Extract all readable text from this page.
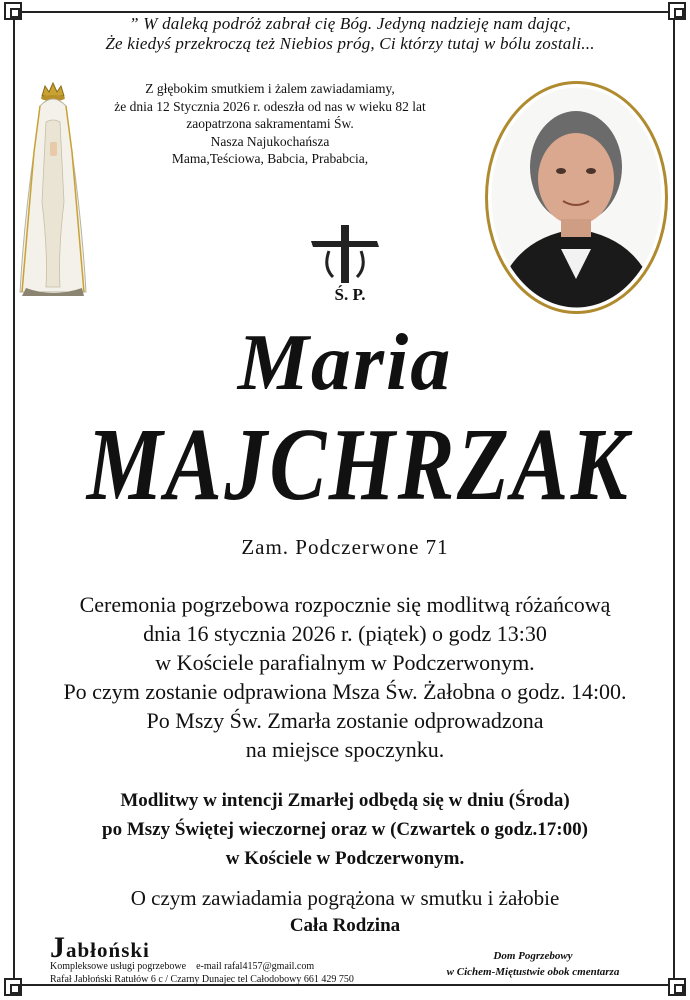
” W daleką podróż zabrał cię Bóg. Jedyną nadzieję nam dając,
Że kiedyś przekroczą też Niebios próg, Ci którzy tutaj w bólu zostali...
Z głębokim smutkiem i żalem zawiadamiamy,
że dnia 12 Stycznia 2026 r. odeszła od nas w wieku 82 lat
zaopatrzona sakramentami Św.
Nasza Najukochańsza
Mama,Teściowa, Babcia, Prababcia,
Ś. P.
Maria
MAJCHRZAK
Zam. Podczerwone 71
Ceremonia pogrzebowa rozpocznie się modlitwą różańcową
dnia 16 stycznia 2026 r. (piątek) o godz 13:30
w Kościele parafialnym w Podczerwonym.
Po czym zostanie odprawiona Msza Św. Żałobna o godz. 14:00.
Po Mszy Św. Zmarła zostanie odprowadzona
na miejsce spoczynku.
Modlitwy w intencji Zmarłej odbędą się w dniu (Środa)
po Mszy Świętej wieczornej oraz w (Czwartek o godz.17:00)
w Kościele w Podczerwonym.
O czym zawiadamia pogrążona w smutku i żałobie
Cała Rodzina
Jabłoński
Kompleksowe usługi pogrzebowe e-mail rafal4157@gmail.com
Rafał Jabłoński Ratułów 6 c / Czarny Dunajec tel Całodobowy 661 429 750
Dom Pogrzebowy
w Cichem-Miętustwie obok cmentarza
